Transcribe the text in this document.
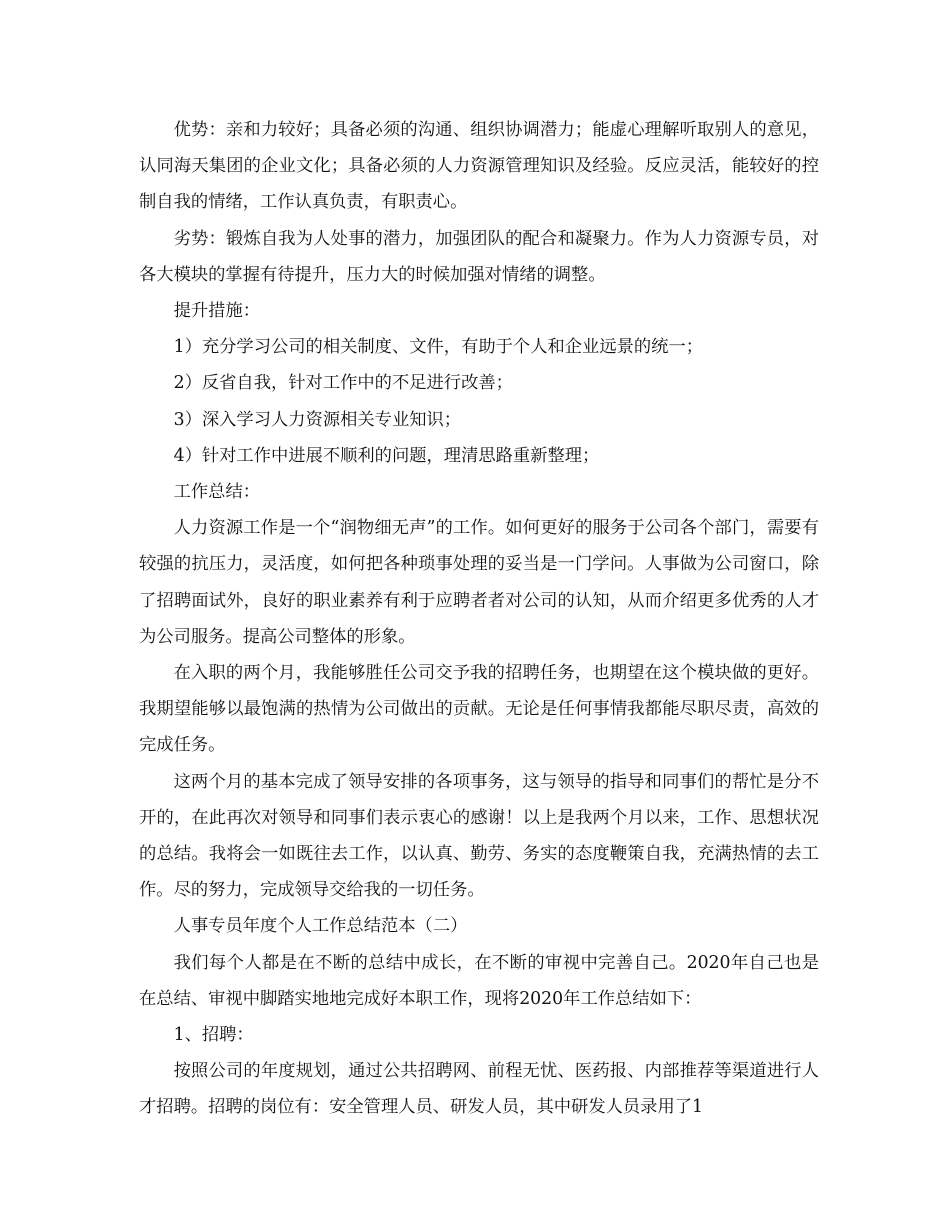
优势：亲和力较好；具备必须的沟通、组织协调潜力；能虚心理解听取别人的意见，认同海天集团的企业文化；具备必须的人力资源管理知识及经验。反应灵活，能较好的控制自我的情绪，工作认真负责，有职责心。

劣势：锻炼自我为人处事的潜力，加强团队的配合和凝聚力。作为人力资源专员，对各大模块的掌握有待提升，压力大的时候加强对情绪的调整。

提升措施：

1）充分学习公司的相关制度、文件，有助于个人和企业远景的统一；

2）反省自我，针对工作中的不足进行改善；

3）深入学习人力资源相关专业知识；

4）针对工作中进展不顺利的问题，理清思路重新整理；

工作总结：

人力资源工作是一个“润物细无声”的工作。如何更好的服务于公司各个部门，需要有较强的抗压力，灵活度，如何把各种琐事处理的妥当是一门学问。人事做为公司窗口，除了招聘面试外，良好的职业素养有利于应聘者者对公司的认知，从而介绍更多优秀的人才为公司服务。提高公司整体的形象。

在入职的两个月，我能够胜任公司交予我的招聘任务，也期望在这个模块做的更好。我期望能够以最饱满的热情为公司做出的贡献。无论是任何事情我都能尽职尽责，高效的完成任务。

这两个月的基本完成了领导安排的各项事务，这与领导的指导和同事们的帮忙是分不开的，在此再次对领导和同事们表示衷心的感谢！以上是我两个月以来，工作、思想状况的总结。我将会一如既往去工作，以认真、勤劳、务实的态度鞭策自我，充满热情的去工作。尽的努力，完成领导交给我的一切任务。

人事专员年度个人工作总结范本（二）

我们每个人都是在不断的总结中成长，在不断的审视中完善自己。2020年自己也是在总结、审视中脚踏实地地完成好本职工作，现将2020年工作总结如下：

1、招聘：

按照公司的年度规划，通过公共招聘网、前程无忧、医药报、内部推荐等渠道进行人才招聘。招聘的岗位有：安全管理人员、研发人员，其中研发人员录用了1
